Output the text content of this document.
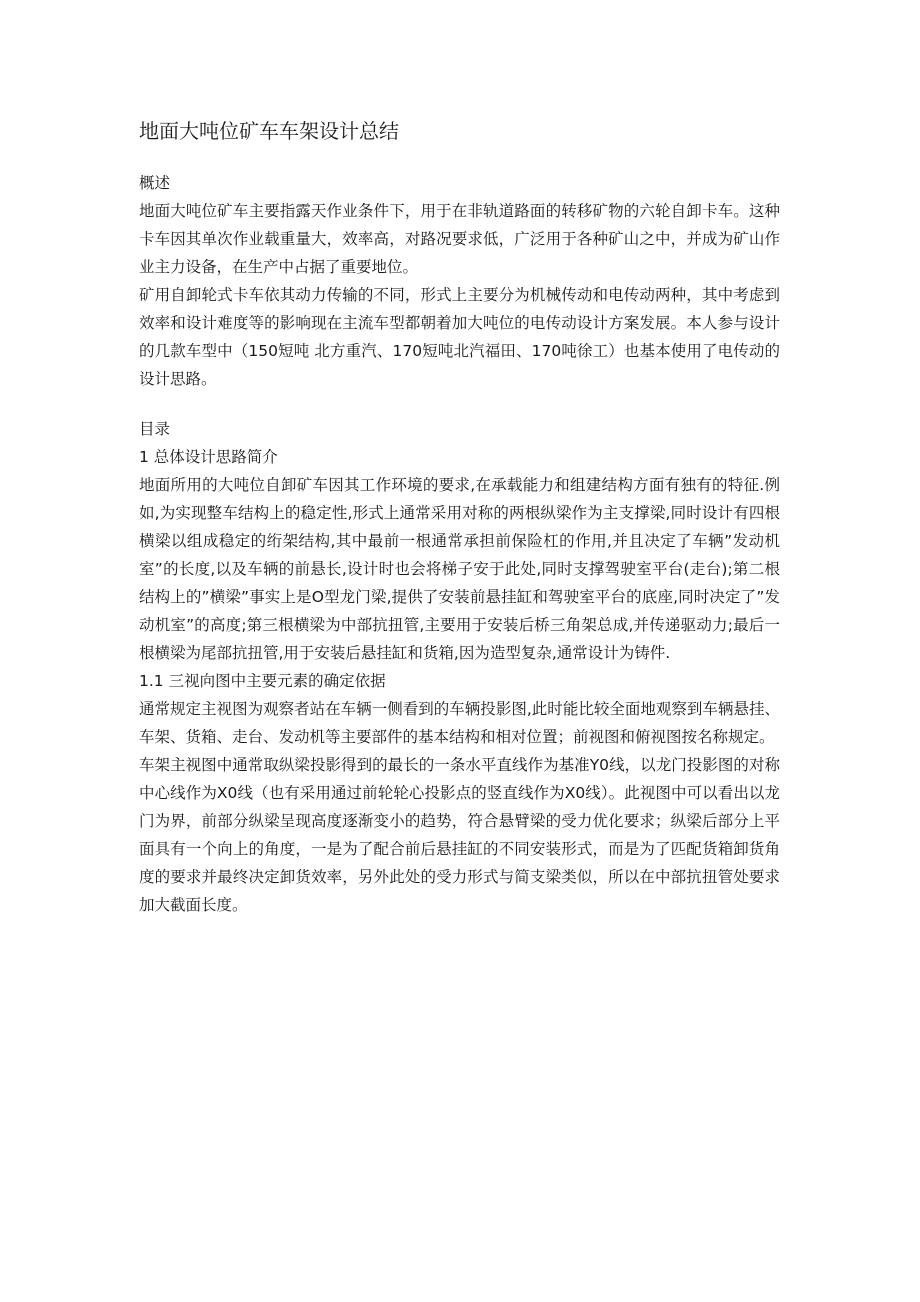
地面大吨位矿车车架设计总结

概述

地面大吨位矿车主要指露天作业条件下，用于在非轨道路面的转移矿物的六轮自卸卡车。这种卡车因其单次作业载重量大，效率高，对路况要求低，广泛用于各种矿山之中，并成为矿山作业主力设备，在生产中占据了重要地位。

矿用自卸轮式卡车依其动力传输的不同，形式上主要分为机械传动和电传动两种，其中考虑到效率和设计难度等的影响现在主流车型都朝着加大吨位的电传动设计方案发展。本人参与设计的几款车型中（150短吨 北方重汽、170短吨北汽福田、170吨徐工）也基本使用了电传动的设计思路。

目录

1 总体设计思路简介

地面所用的大吨位自卸矿车因其工作环境的要求,在承载能力和组建结构方面有独有的特征.例如,为实现整车结构上的稳定性,形式上通常采用对称的两根纵梁作为主支撑梁,同时设计有四根横梁以组成稳定的绗架结构,其中最前一根通常承担前保险杠的作用,并且决定了车辆”发动机室”的长度,以及车辆的前悬长,设计时也会将梯子安于此处,同时支撑驾驶室平台(走台);第二根结构上的”横梁”事实上是O型龙门梁,提供了安装前悬挂缸和驾驶室平台的底座,同时决定了”发动机室”的高度;第三根横梁为中部抗扭管,主要用于安装后桥三角架总成,并传递驱动力;最后一根横梁为尾部抗扭管,用于安装后悬挂缸和货箱,因为造型复杂,通常设计为铸件.

1.1 三视向图中主要元素的确定依据

通常规定主视图为观察者站在车辆一侧看到的车辆投影图,此时能比较全面地观察到车辆悬挂、车架、货箱、走台、发动机等主要部件的基本结构和相对位置；前视图和俯视图按名称规定。

车架主视图中通常取纵梁投影得到的最长的一条水平直线作为基准Y0线，以龙门投影图的对称中心线作为X0线（也有采用通过前轮轮心投影点的竖直线作为X0线）。此视图中可以看出以龙门为界，前部分纵梁呈现高度逐渐变小的趋势，符合悬臂梁的受力优化要求；纵梁后部分上平面具有一个向上的角度，一是为了配合前后悬挂缸的不同安装形式，而是为了匹配货箱卸货角度的要求并最终决定卸货效率，另外此处的受力形式与简支梁类似，所以在中部抗扭管处要求加大截面长度。
